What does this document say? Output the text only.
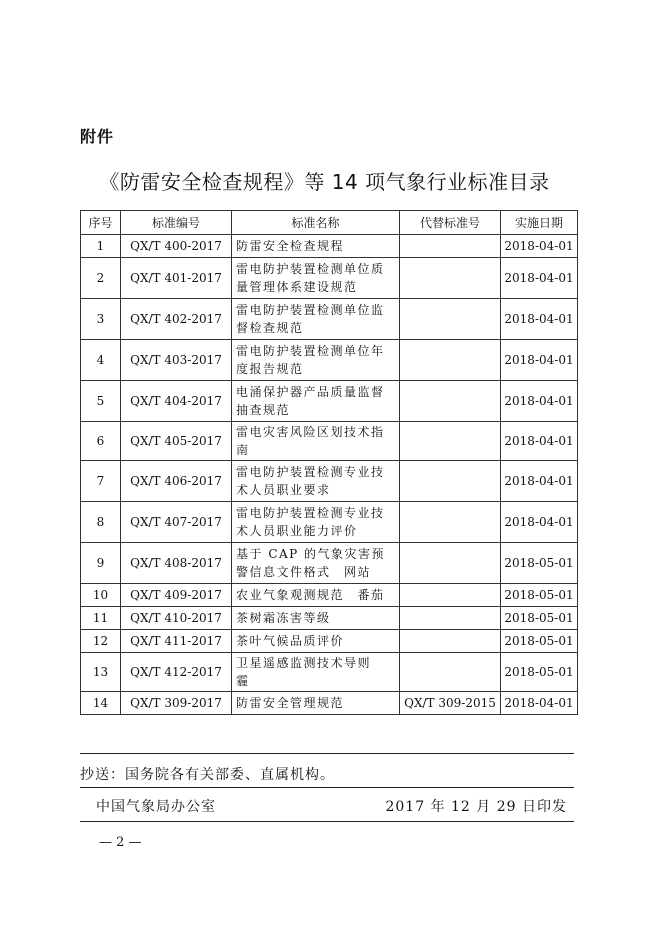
附件

《防雷安全检查规程》等 14 项气象行业标准目录
序号	标准编号	标准名称	代替标准号	实施日期
1	QX/T 400-2017	防雷安全检查规程		2018-04-01
2	QX/T 401-2017	雷电防护装置检测单位质量管理体系建设规范		2018-04-01
3	QX/T 402-2017	雷电防护装置检测单位监督检查规范		2018-04-01
4	QX/T 403-2017	雷电防护装置检测单位年度报告规范		2018-04-01
5	QX/T 404-2017	电涌保护器产品质量监督抽查规范		2018-04-01
6	QX/T 405-2017	雷电灾害风险区划技术指南		2018-04-01
7	QX/T 406-2017	雷电防护装置检测专业技术人员职业要求		2018-04-01
8	QX/T 407-2017	雷电防护装置检测专业技术人员职业能力评价		2018-04-01
9	QX/T 408-2017	基于 CAP 的气象灾害预警信息文件格式　网站		2018-05-01
10	QX/T 409-2017	农业气象观测规范　番茄		2018-05-01
11	QX/T 410-2017	茶树霜冻害等级		2018-05-01
12	QX/T 411-2017	茶叶气候品质评价		2018-05-01
13	QX/T 412-2017	卫星遥感监测技术导则　霾		2018-05-01
14	QX/T 309-2017	防雷安全管理规范	QX/T 309-2015	2018-04-01

抄送：国务院各有关部委、直属机构。

中国气象局办公室	2017 年 12 月 29 日印发

— 2 —
